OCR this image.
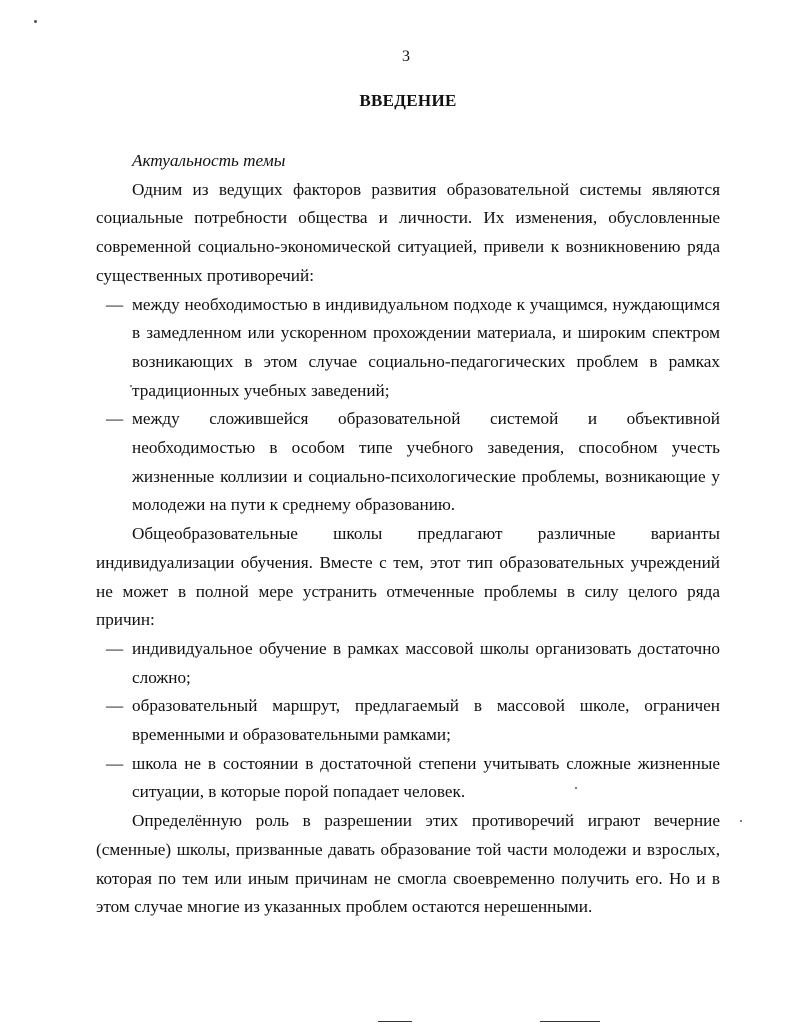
3
ВВЕДЕНИЕ

Актуальность темы

Одним из ведущих факторов развития образовательной системы являются социальные потребности общества и личности. Их изменения, обусловленные современной социально-экономической ситуацией, привели к возникновению ряда существенных противоречий:

— между необходимостью в индивидуальном подходе к учащимся, нуждающимся в замедленном или ускоренном прохождении материала, и широким спектром возникающих в этом случае социально-педагогических проблем в рамках традиционных учебных заведений;
— между сложившейся образовательной системой и объективной необходимостью в особом типе учебного заведения, способном учесть жизненные коллизии и социально-психологические проблемы, возникающие у молодежи на пути к среднему образованию.

Общеобразовательные школы предлагают различные варианты индивидуализации обучения. Вместе с тем, этот тип образовательных учреждений не может в полной мере устранить отмеченные проблемы в силу целого ряда причин:

— индивидуальное обучение в рамках массовой школы организовать достаточно сложно;
— образовательный маршрут, предлагаемый в массовой школе, ограничен временными и образовательными рамками;
— школа не в состоянии в достаточной степени учитывать сложные жизненные ситуации, в которые порой попадает человек.

Определённую роль в разрешении этих противоречий играют вечерние (сменные) школы, призванные давать образование той части молодежи и взрослых, которая по тем или иным причинам не смогла своевременно получить его. Но и в этом случае многие из указанных проблем остаются нерешенными.
